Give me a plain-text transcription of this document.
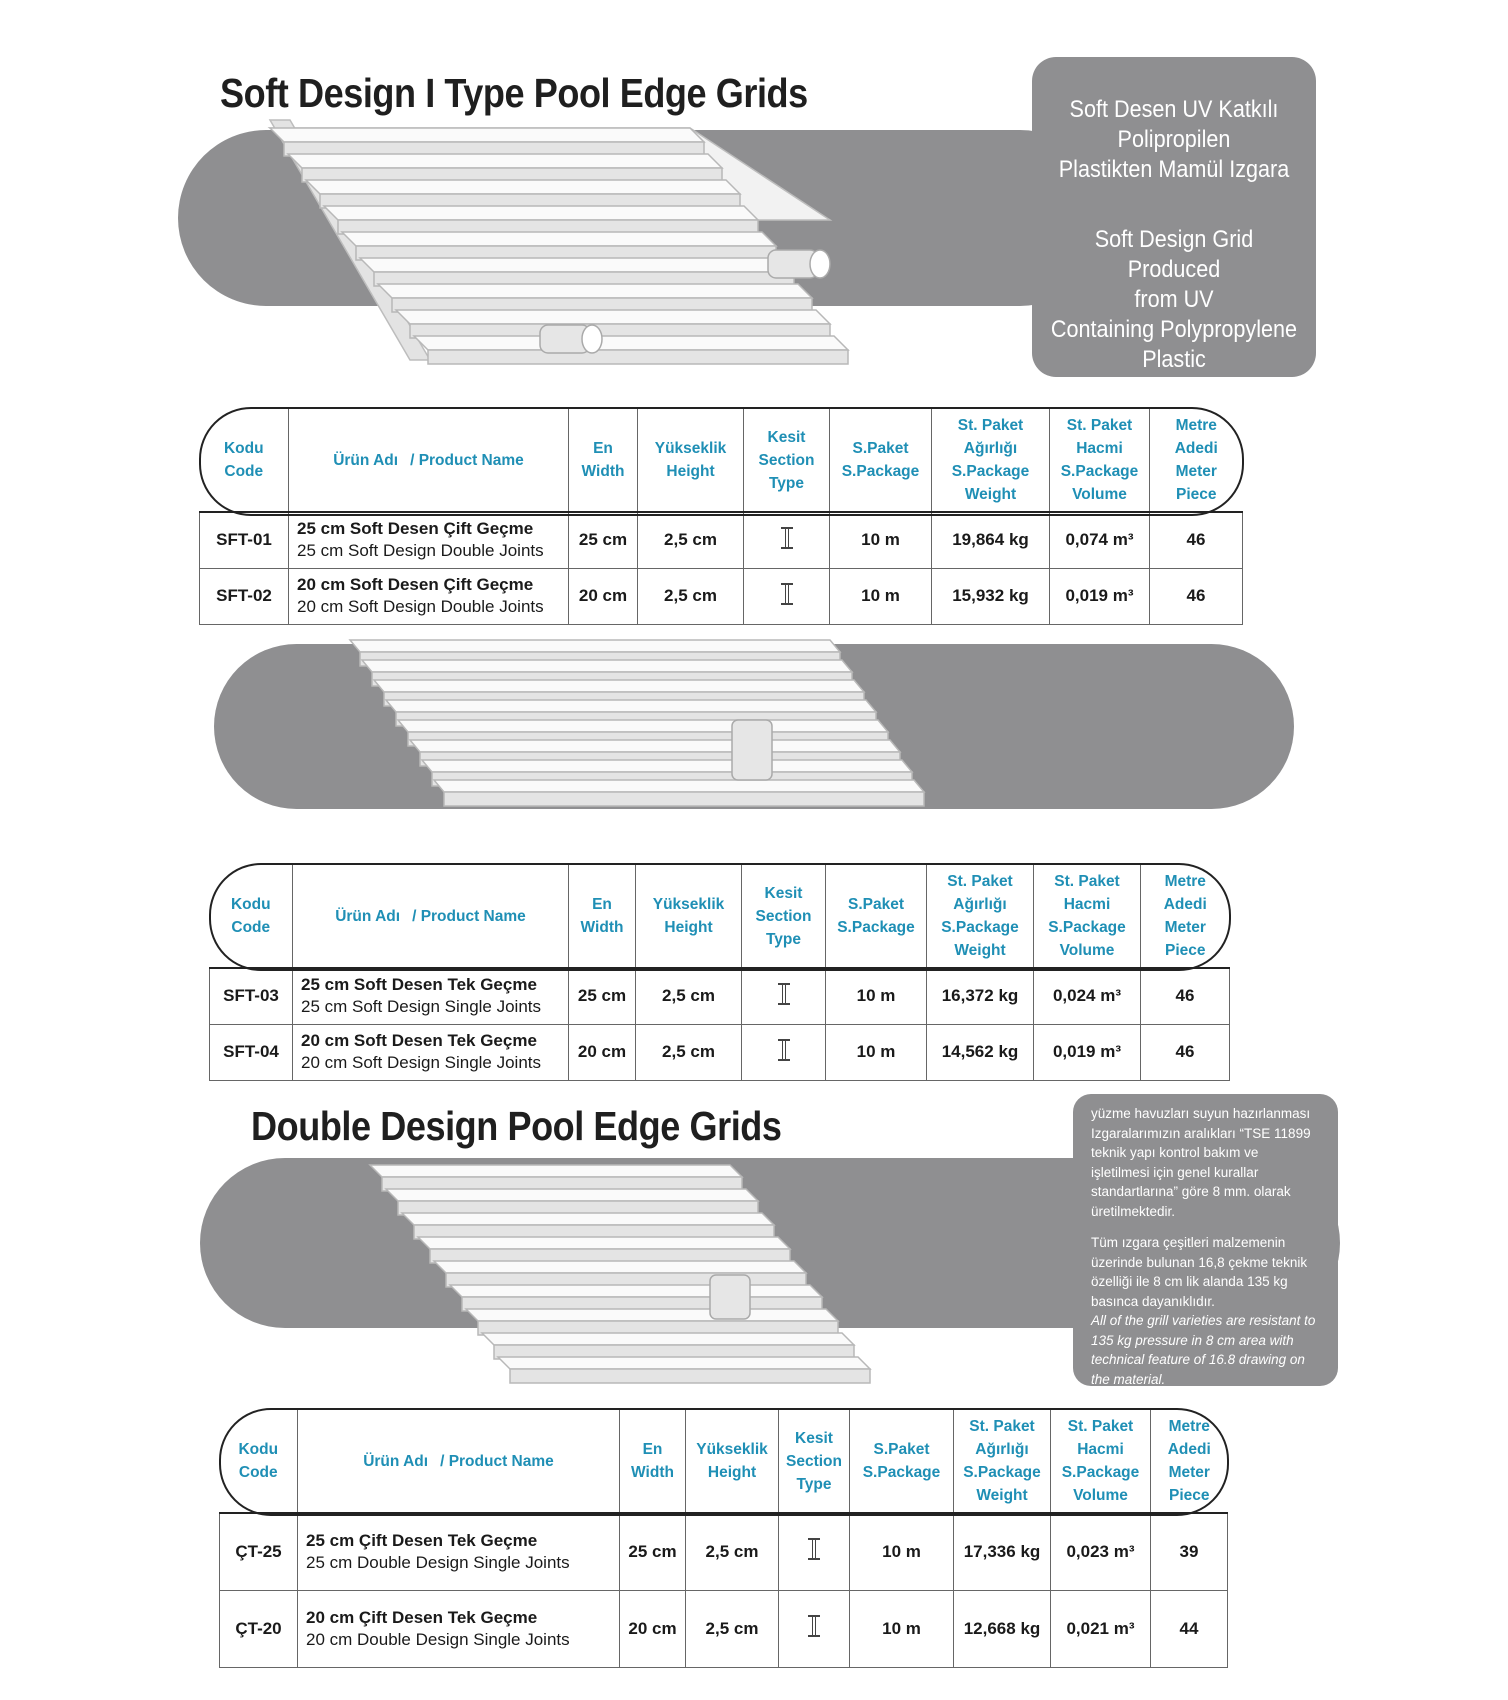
Soft Design I Type Pool Edge Grids	Soft Desen UV Katkılı

Polipropilen

Plastikten Mamül Izgara

Soft Design Grid Produced

from UV

Containing Polypropylene

Plastic

Kodu
Code	Ürün Adı / Product Name	En
Width	Yükseklik
Height	Kesit
Section
Type	S.Paket
S.Package	St. Paket
Ağırlığı
S.Package
Weight	St. Paket
Hacmi
S.Package
Volume	Metre
Adedi
Meter
Piece

SFT-01	25 cm Soft Desen Çift Geçme
25 cm Soft Design Double Joints	25 cm	2,5 cm		10 m	19,864 kg	0,074 m³	46
SFT-02	20 cm Soft Desen Çift Geçme
20 cm Soft Design Double Joints	20 cm	2,5 cm		10 m	15,932 kg	0,019 m³	46
Kodu
Code	Ürün Adı / Product Name	En
Width	Yükseklik
Height	Kesit
Section
Type	S.Paket
S.Package	St. Paket
Ağırlığı
S.Package
Weight	St. Paket
Hacmi
S.Package
Volume	Metre
Adedi
Meter
Piece

SFT-03	25 cm Soft Desen Tek Geçme
25 cm Soft Design Single Joints	25 cm	2,5 cm		10 m	16,372 kg	0,024 m³	46
SFT-04	20 cm Soft Desen Tek Geçme
20 cm Soft Design Single Joints	20 cm	2,5 cm		10 m	14,562 kg	0,019 m³	46
Double Design Pool Edge Grids	yüzme havuzları suyun hazırlanması Izgaralarımızın aralıkları “TSE 11899 teknik yapı kontrol bakım ve işletilmesi için genel kurallar standartlarına” göre 8 mm. olarak üretilmektedir.

Tüm ızgara çeşitleri malzemenin üzerinde bulunan 16,8 çekme teknik özelliği ile 8 cm lik alanda 135 kg basınca dayanıklıdır.

All of the grill varieties are resistant to 135 kg pressure in 8 cm area with technical feature of 16.8 drawing on the material.

Kodu
Code	Ürün Adı / Product Name	En
Width	Yükseklik
Height	Kesit
Section
Type	S.Paket
S.Package	St. Paket
Ağırlığı
S.Package
Weight	St. Paket
Hacmi
S.Package
Volume	Metre
Adedi
Meter
Piece

ÇT-25	25 cm Çift Desen Tek Geçme
25 cm Double Design Single Joints	25 cm	2,5 cm		10 m	17,336 kg	0,023 m³	39
ÇT-20	20 cm Çift Desen Tek Geçme
20 cm Double Design Single Joints	20 cm	2,5 cm		10 m	12,668 kg	0,021 m³	44
